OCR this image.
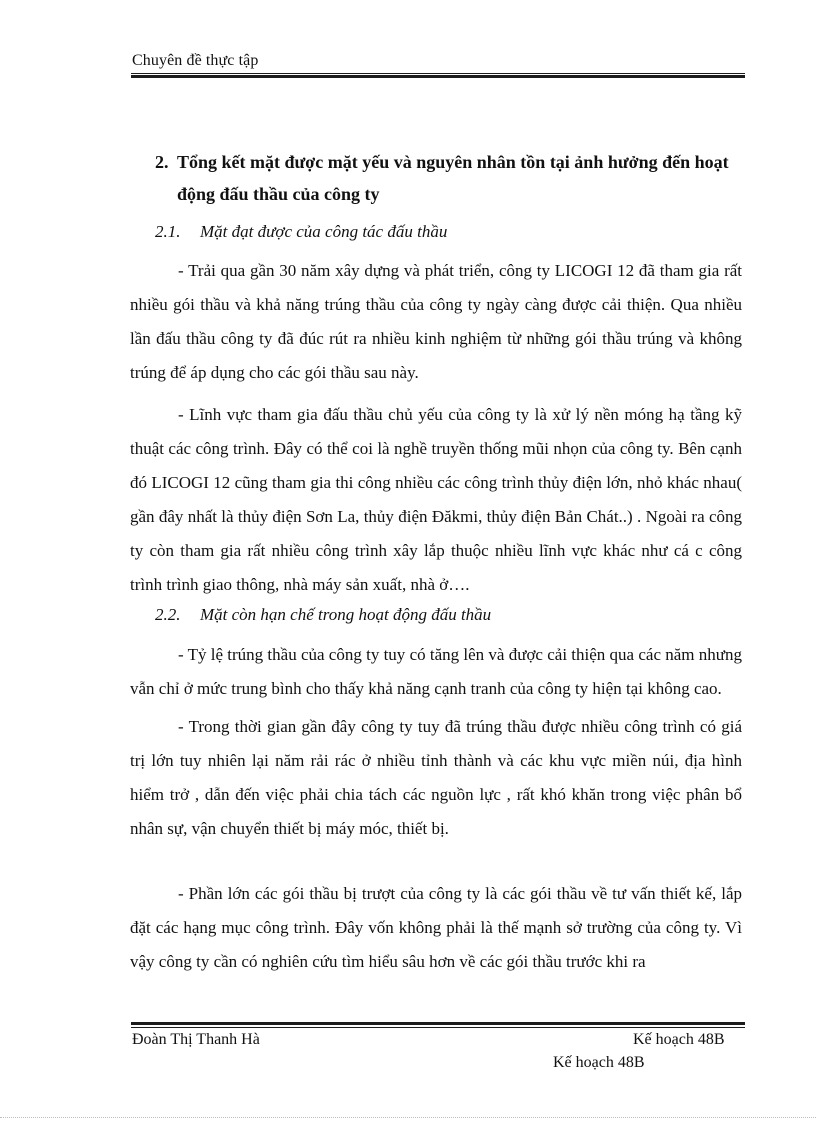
Chuyên đề thực tập
2. Tổng kết mặt được mặt yếu và nguyên nhân tồn tại ảnh hưởng đến hoạt
động đấu thầu của công ty
2.1. Mặt đạt được của công tác đấu thầu
- Trải qua gần 30 năm xây dựng và phát triển, công ty LICOGI 12 đã tham gia rất nhiều gói thầu và khả năng trúng thầu của công ty ngày càng được cải thiện. Qua nhiều lần đấu thầu công ty đã đúc rút ra nhiều kinh nghiệm từ những gói thầu trúng và không trúng để áp dụng cho các gói thầu sau này.
- Lĩnh vực tham gia đấu thầu chủ yếu của công ty là xử lý nền móng hạ tầng kỹ thuật các công trình. Đây có thể coi là nghề truyền thống mũi nhọn của công ty. Bên cạnh đó LICOGI 12 cũng tham gia thi công nhiều các công trình thủy điện lớn, nhỏ khác nhau( gần đây nhất là thủy điện Sơn La, thủy điện Đăkmi, thủy điện Bản Chát..) . Ngoài ra công ty còn tham gia rất nhiều công trình xây lắp thuộc nhiều lĩnh vực khác như cá c công trình trình giao thông, nhà máy sản xuất, nhà ở….
2.2. Mặt còn hạn chế trong hoạt động đấu thầu
- Tỷ lệ trúng thầu của công ty tuy có tăng lên và được cải thiện qua các năm nhưng vẫn chỉ ở mức trung bình cho thấy khả năng cạnh tranh của công ty hiện tại không cao.
- Trong thời gian gần đây công ty tuy đã trúng thầu được nhiều công trình có giá trị lớn tuy nhiên lại năm rải rác ở nhiều tỉnh thành và các khu vực miền núi, địa hình hiểm trở , dẫn đến việc phải chia tách các nguồn lực , rất khó khăn trong việc phân bổ nhân sự, vận chuyển thiết bị máy móc, thiết bị.
- Phần lớn các gói thầu bị trượt của công ty là các gói thầu về tư vấn thiết kế, lắp đặt các hạng mục công trình. Đây vốn không phải là thế mạnh sở trường của công ty. Vì vậy công ty cần có nghiên cứu tìm hiểu sâu hơn về các gói thầu trước khi ra
Đoàn Thị Thanh Hà	Kế hoạch 48B
Kế hoạch 48B
